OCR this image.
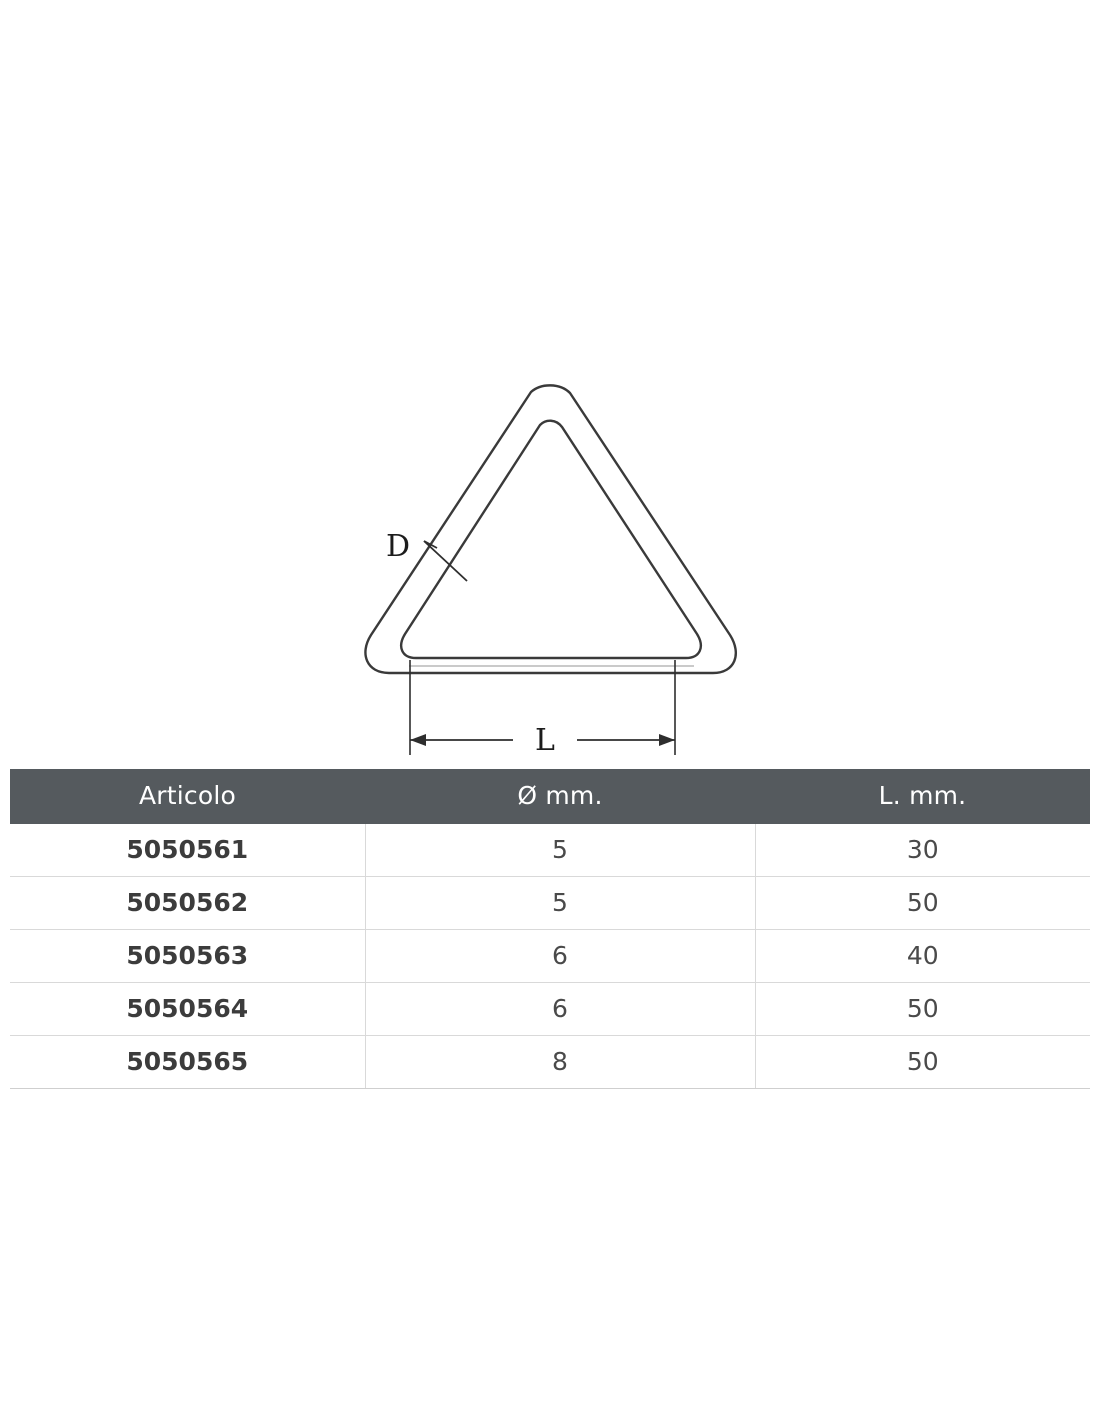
D
L
Articolo	Ø mm.	L. mm.
5050561	5	30
5050562	5	50
5050563	6	40
5050564	6	50
5050565	8	50
